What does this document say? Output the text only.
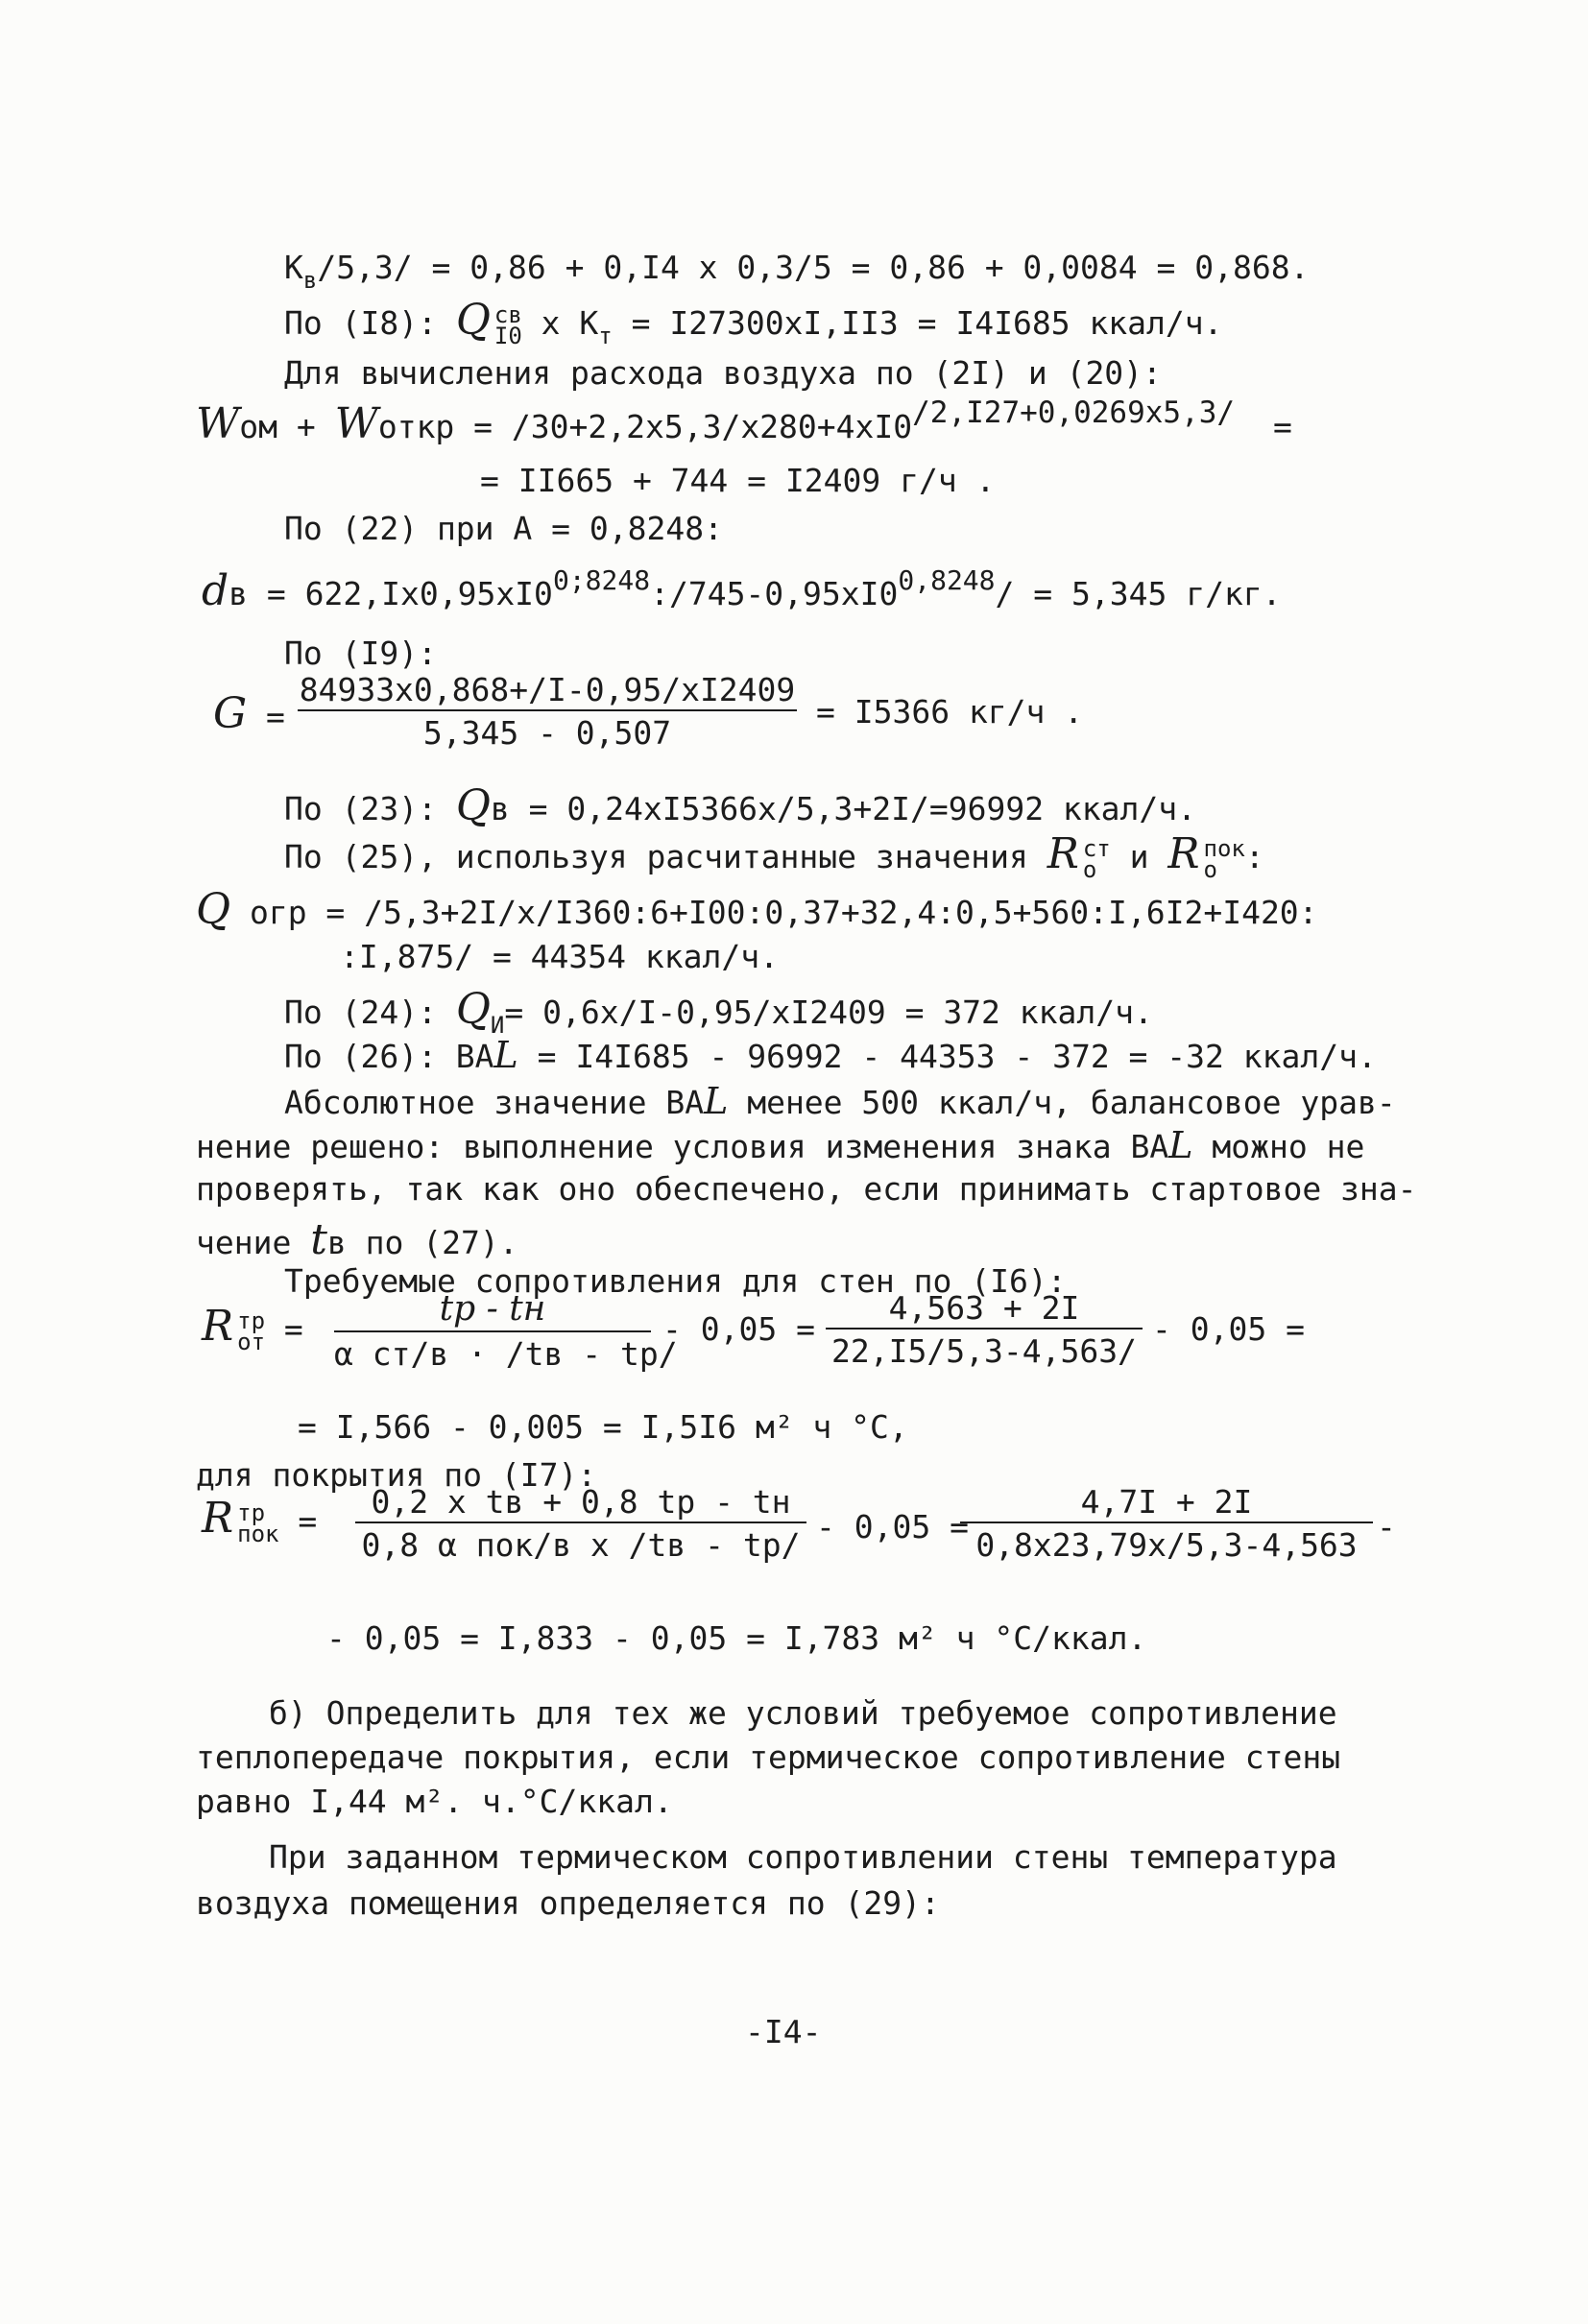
$К_в/5,3/ = 0,86 + 0,I4$ x 0,3/5 = 0,86 + 0,0084 = 0,868.
По (I8): Q св
I0 x $К_т = I27300xI,II3 = I4I685$ ккал/ч.
Для вычисления расхода воздуха по (2I) и (20):
Wом + Wоткр = /30+2,2x5,3/x280+4xI0/2,I27+0,0269x5,3/ =
= II665 + 744 = I2409 г/ч .
По (22) при А = 0,8248:
dв = $622,Ix0,95xI0^{0;8248}:/745-0,95xI0^{0,8248}/ = 5,345$ г/кг.
По (I9):
G =
84933x0,868+/I-0,95/xI2409
5,345 - 0,507
= I5366 кг/ч .
По (23): Qв = 0,24xI5366x/5,3+2I/=96992 ккал/ч.
По (25), используя расчитанные значения R ст
о	и R пок
о :
Q огр = /5,3+2I/x/I360:6+I00:0,37+32,4:0,5+560:I,6I2+I420:
:I,875/ = 44354 ккал/ч.
По (24): $Q_И= 0,6x/I-0,95/xI2409 = 372$ ккал/ч.
По (26): ВАL = I4I685 - 96992 - 44353 - 372 = -32 ккал/ч.
Абсолютное значение ВАL менее 500 ккал/ч, балансовое урав-
нение решено: выполнение условия изменения знака ВАL можно не
проверять, так как оно обеспечено, если принимать стартовое зна-
чение tв по (27).
Требуемые сопротивления для стен по (I6):
R тр
от =
tр - tн
α ст/в · /tв - tр/
- 0,05 =
4,563 + 2I
22,I5/5,3-4,563/
- 0,05 =
= I,566 - 0,005 = I,5I6 м² ч °С,
для покрытия по (I7):
R тр
пок =
0,2 x tв + 0,8 tр - tн
0,8 α пок/в x /tв - tр/ - 0,05 =
4,7I + 2I
0,8x23,79x/5,3-4,563 -
- 0,05 = I,833 - 0,05 = I,783 м² ч °С/ккал.
б) Определить для тех же условий требуемое сопротивление
теплопередаче покрытия, если термическое сопротивление стены
равно I,44 м². ч.°С/ккал.
При заданном термическом сопротивлении стены температура
воздуха помещения определяется по (29):
-I4-
